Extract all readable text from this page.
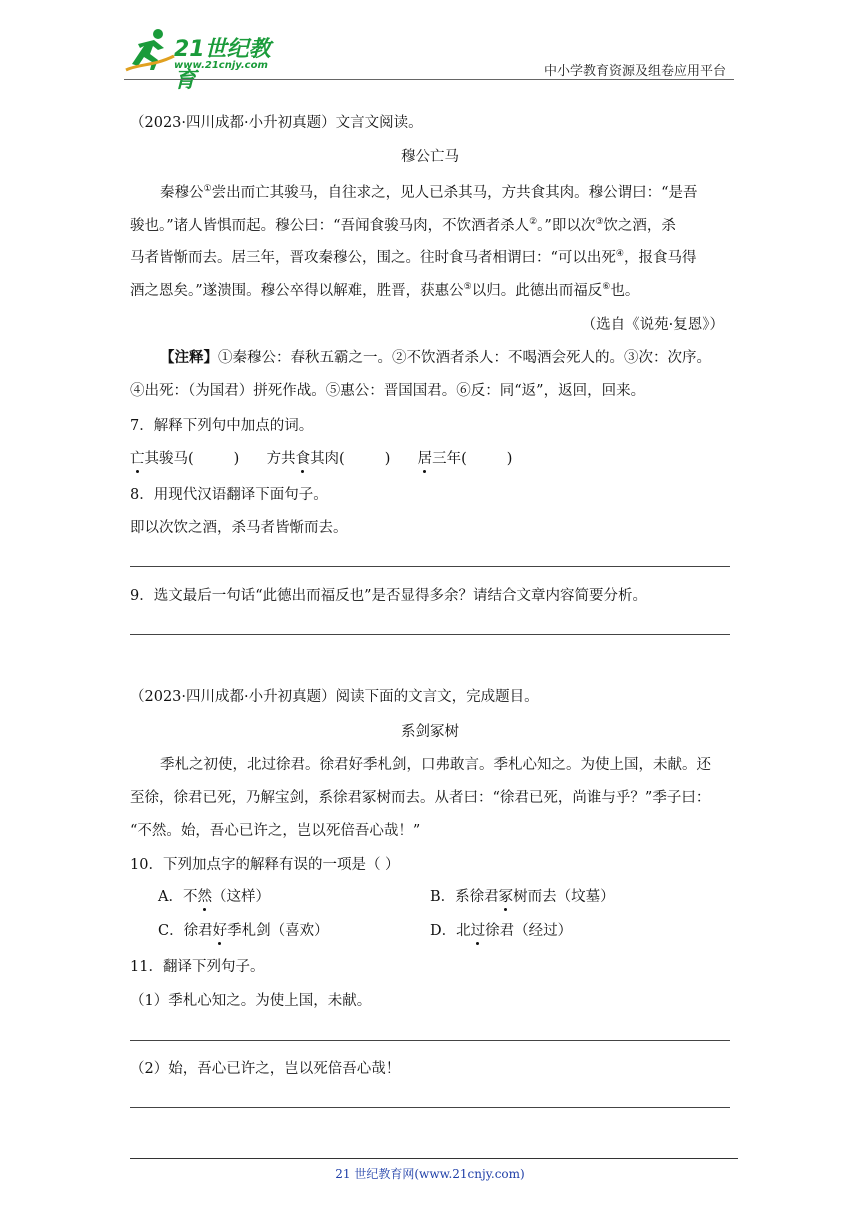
21世纪教育
www.21cnjy.com	中小学教育资源及组卷应用平台
（2023·四川成都·小升初真题）文言文阅读。
穆公亡马
秦穆公①尝出而亡其骏马，自往求之，见人已杀其马，方共食其肉。穆公谓曰：“是吾
骏也。”诸人皆惧而起。穆公曰：“吾闻食骏马肉，不饮酒者杀人②。”即以次③饮之酒，杀
马者皆惭而去。居三年，晋攻秦穆公，围之。往时食马者相谓曰：“可以出死④，报食马得
酒之恩矣。”遂溃围。穆公卒得以解难，胜晋，获惠公⑤以归。此德出而福反⑥也。
（选自《说苑·复恩》）
【注释】①秦穆公：春秋五霸之一。②不饮酒者杀人：不喝酒会死人的。③次：次序。
④出死：（为国君）拼死作战。⑤惠公：晋国国君。⑥反：同“返”，返回，回来。
7．解释下列句中加点的词。
亡其骏马(	) 方共食其肉(	) 居三年(	)
8．用现代汉语翻译下面句子。
即以次饮之酒，杀马者皆惭而去。
9．选文最后一句话“此德出而福反也”是否显得多余？请结合文章内容简要分析。
（2023·四川成都·小升初真题）阅读下面的文言文，完成题目。
系剑冢树
季札之初使，北过徐君。徐君好季札剑，口弗敢言。季札心知之。为使上国，未献。还
至徐，徐君已死，乃解宝剑，系徐君冢树而去。从者曰：“徐君已死，尚谁与乎？”季子曰：
“不然。始，吾心已许之，岂以死倍吾心哉！”
10．下列加点字的解释有误的一项是（ ）
A．不然（这样）	B．系徐君冢树而去（坟墓）
C．徐君好季札剑（喜欢）	D．北过徐君（经过）
11．翻译下列句子。
（1）季札心知之。为使上国，未献。
（2）始，吾心已许之，岂以死倍吾心哉！
21 世纪教育网(www.21cnjy.com)
